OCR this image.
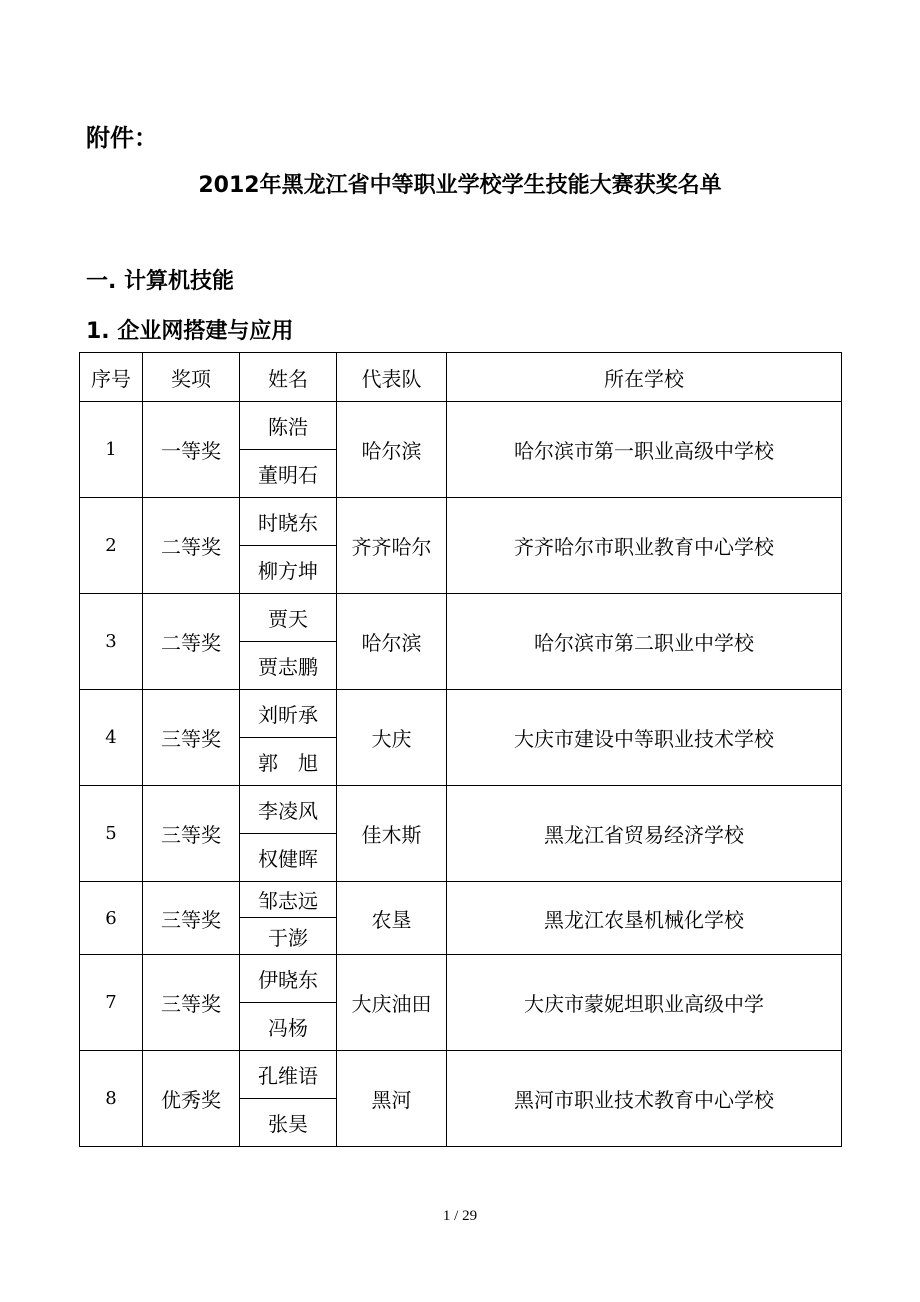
附件：
2012年黑龙江省中等职业学校学生技能大赛获奖名单
一. 计算机技能
1. 企业网搭建与应用
序号	奖项	姓名	代表队	所在学校
1	一等奖	陈浩	哈尔滨	哈尔滨市第一职业高级中学校
		董明石		
2	二等奖	时晓东	齐齐哈尔	齐齐哈尔市职业教育中心学校
		柳方坤		
3	二等奖	贾天	哈尔滨	哈尔滨市第二职业中学校
		贾志鹏		
4	三等奖	刘昕承	大庆	大庆市建设中等职业技术学校
		郭　旭		
5	三等奖	李凌风	佳木斯	黑龙江省贸易经济学校
		权健晖		
6	三等奖	邹志远	农垦	黑龙江农垦机械化学校
		于澎		
7	三等奖	伊晓东	大庆油田	大庆市蒙妮坦职业高级中学
		冯杨		
8	优秀奖	孔维语	黑河	黑河市职业技术教育中心学校
		张昊		
1 / 29
